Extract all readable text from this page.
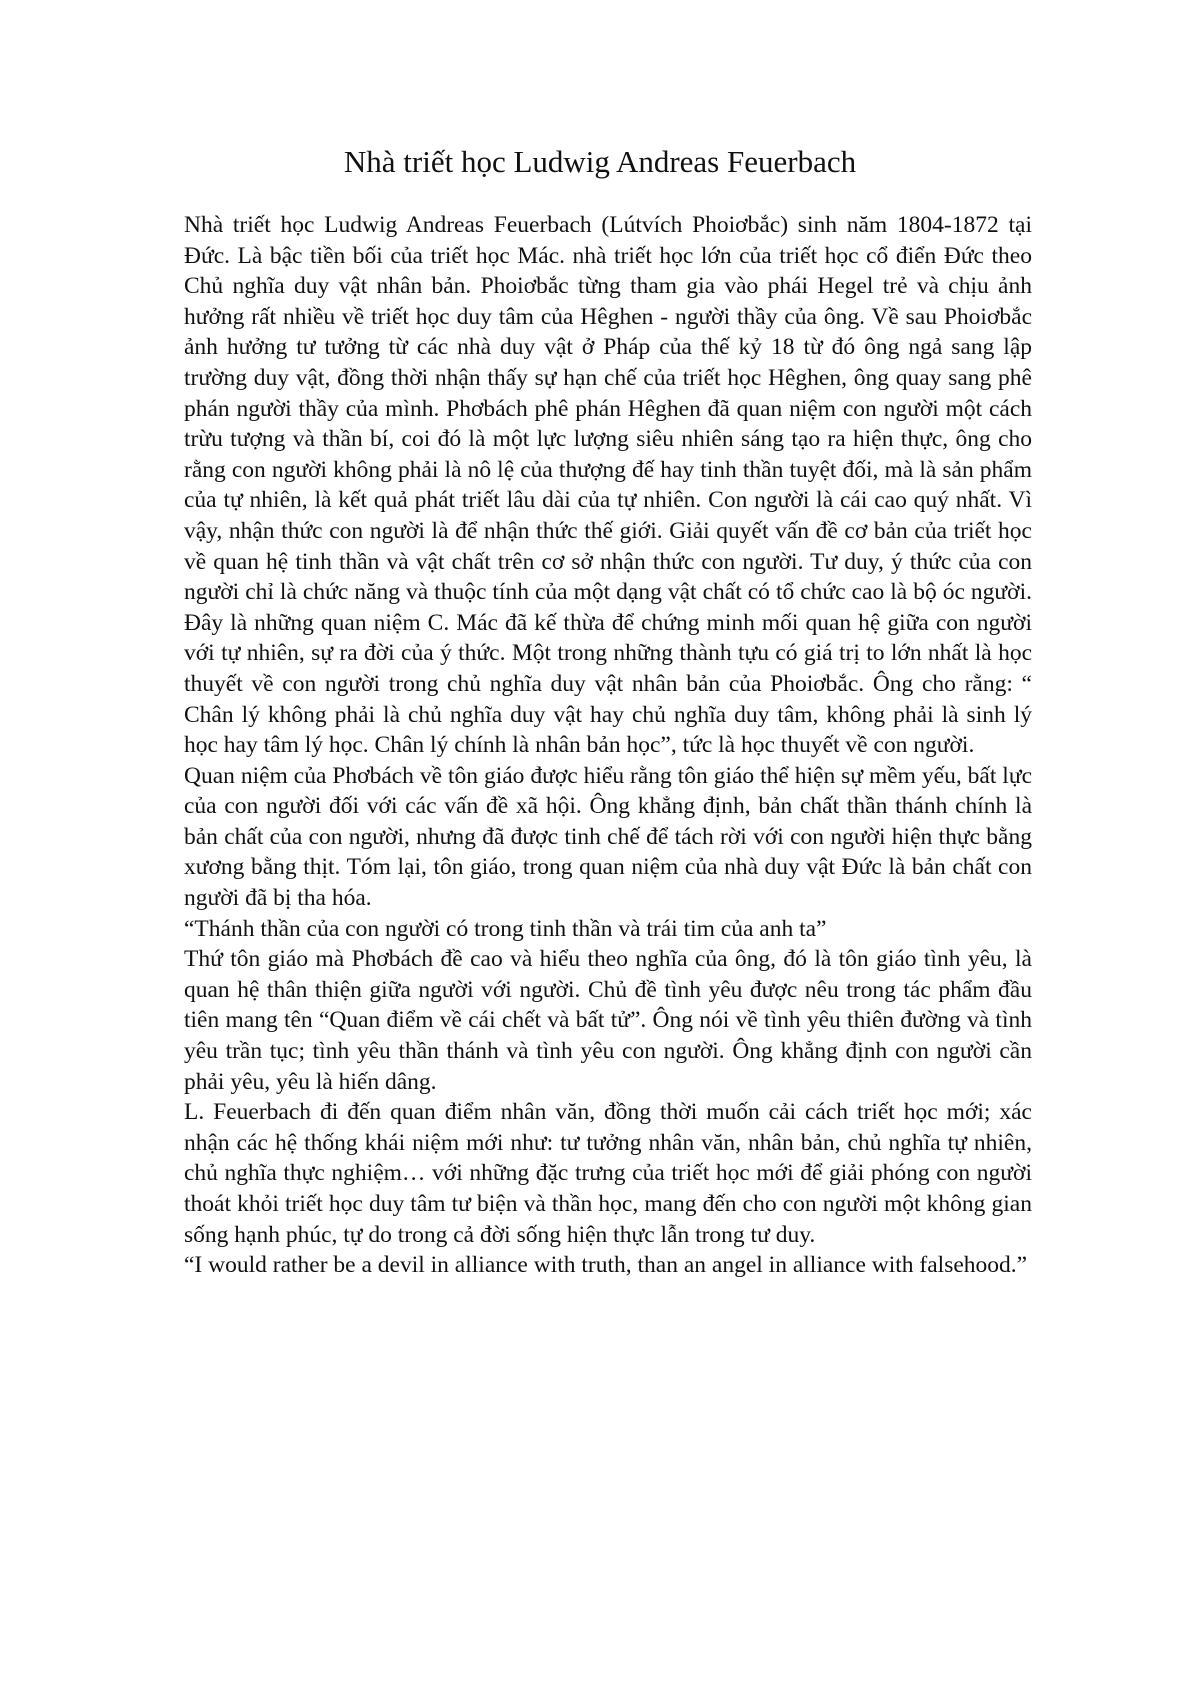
Nhà triết học Ludwig Andreas Feuerbach

Nhà triết học Ludwig Andreas Feuerbach (Lútvích Phoiơbắc) sinh năm 1804-1872 tại Đức. Là bậc tiền bối của triết học Mác. nhà triết học lớn của triết học cổ điển Đức theo Chủ nghĩa duy vật nhân bản. Phoiơbắc từng tham gia vào phái Hegel trẻ và chịu ảnh hưởng rất nhiều về triết học duy tâm của Hêghen - người thầy của ông. Về sau Phoiơbắc ảnh hưởng tư tưởng từ các nhà duy vật ở Pháp của thế kỷ 18 từ đó ông ngả sang lập trường duy vật, đồng thời nhận thấy sự hạn chế của triết học Hêghen, ông quay sang phê phán người thầy của mình. Phơbách phê phán Hêghen đã quan niệm con người một cách trừu tượng và thần bí, coi đó là một lực lượng siêu nhiên sáng tạo ra hiện thực, ông cho rằng con người không phải là nô lệ của thượng đế hay tinh thần tuyệt đối, mà là sản phẩm của tự nhiên, là kết quả phát triết lâu dài của tự nhiên. Con người là cái cao quý nhất. Vì vậy, nhận thức con người là để nhận thức thế giới. Giải quyết vấn đề cơ bản của triết học về quan hệ tinh thần và vật chất trên cơ sở nhận thức con người. Tư duy, ý thức của con người chỉ là chức năng và thuộc tính của một dạng vật chất có tổ chức cao là bộ óc người. Đây là những quan niệm C. Mác đã kế thừa để chứng minh mối quan hệ giữa con người với tự nhiên, sự ra đời của ý thức. Một trong những thành tựu có giá trị to lớn nhất là học thuyết về con người trong chủ nghĩa duy vật nhân bản của Phoiơbắc. Ông cho rằng: “ Chân lý không phải là chủ nghĩa duy vật hay chủ nghĩa duy tâm, không phải là sinh lý học hay tâm lý học. Chân lý chính là nhân bản học”, tức là học thuyết về con người.

Quan niệm của Phơbách về tôn giáo được hiểu rằng tôn giáo thể hiện sự mềm yếu, bất lực của con người đối với các vấn đề xã hội. Ông khẳng định, bản chất thần thánh chính là bản chất của con người, nhưng đã được tinh chế để tách rời với con người hiện thực bằng xương bằng thịt. Tóm lại, tôn giáo, trong quan niệm của nhà duy vật Đức là bản chất con người đã bị tha hóa.

“Thánh thần của con người có trong tinh thần và trái tim của anh ta”

Thứ tôn giáo mà Phơbách đề cao và hiểu theo nghĩa của ông, đó là tôn giáo tình yêu, là quan hệ thân thiện giữa người với người. Chủ đề tình yêu được nêu trong tác phẩm đầu tiên mang tên “Quan điểm về cái chết và bất tử”. Ông nói về tình yêu thiên đường và tình yêu trần tục; tình yêu thần thánh và tình yêu con người. Ông khẳng định con người cần phải yêu, yêu là hiến dâng.

L. Feuerbach đi đến quan điểm nhân văn, đồng thời muốn cải cách triết học mới; xác nhận các hệ thống khái niệm mới như: tư tưởng nhân văn, nhân bản, chủ nghĩa tự nhiên, chủ nghĩa thực nghiệm… với những đặc trưng của triết học mới để giải phóng con người thoát khỏi triết học duy tâm tư biện và thần học, mang đến cho con người một không gian sống hạnh phúc, tự do trong cả đời sống hiện thực lẫn trong tư duy.

“I would rather be a devil in alliance with truth, than an angel in alliance with falsehood.”
